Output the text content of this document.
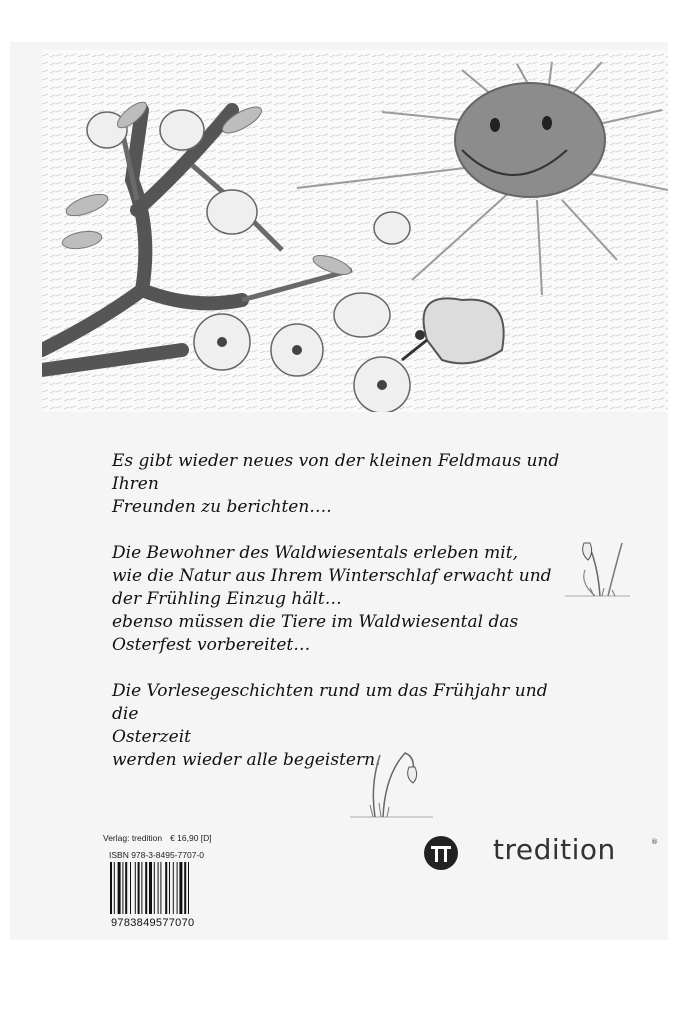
Es gibt wieder neues von der kleinen Feldmaus und Ihren
Freunden zu berichten….

Die Bewohner des Waldwiesentals erleben mit,
wie die Natur aus Ihrem Winterschlaf erwacht und
der Frühling Einzug hält…
ebenso müssen die Tiere im Waldwiesental das
Osterfest vorbereitet…

Die Vorlesegeschichten rund um das Frühjahr und die
Osterzeit
werden wieder alle begeistern.

Verlag: tredition € 16,90 [D]
ISBN 978-3-8495-7707-0
9783849577070
tredition	®
